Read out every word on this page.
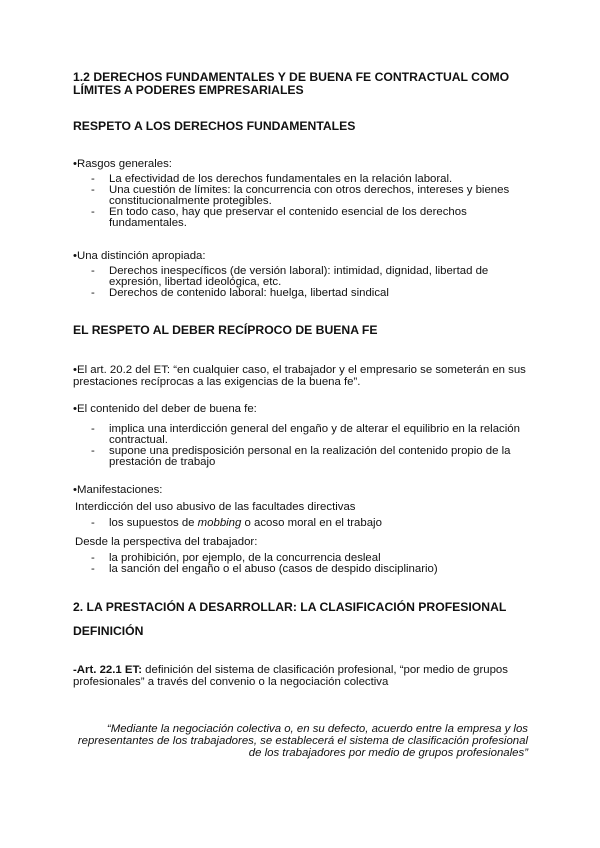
1.2 DERECHOS FUNDAMENTALES Y DE BUENA FE CONTRACTUAL COMO

LÍMITES A PODERES EMPRESARIALES

RESPETO A LOS DERECHOS FUNDAMENTALES

•Rasgos generales:

-	La efectividad de los derechos fundamentales en la relación laboral.
-	Una cuestión de límites: la concurrencia con otros derechos, intereses y bienes constitucionalmente protegibles.
-	En todo caso, hay que preservar el contenido esencial de los derechos fundamentales.

•Una distinción apropiada:

-	Derechos inespecíficos (de versión laboral): intimidad, dignidad, libertad de expresión, libertad ideológica, etc.
-	Derechos de contenido laboral: huelga, libertad sindical

EL RESPETO AL DEBER RECÍPROCO DE BUENA FE

•El art. 20.2 del ET: “en cualquier caso, el trabajador y el empresario se someterán en sus prestaciones recíprocas a las exigencias de la buena fe”.

•El contenido del deber de buena fe:

-	implica una interdicción general del engaño y de alterar el equilibrio en la relación contractual.
-	supone una predisposición personal en la realización del contenido propio de la prestación de trabajo

•Manifestaciones:

Interdicción del uso abusivo de las facultades directivas

-	los supuestos de mobbing o acoso moral en el trabajo

Desde la perspectiva del trabajador:

-	la prohibición, por ejemplo, de la concurrencia desleal
-	la sanción del engaño o el abuso (casos de despido disciplinario)

2. LA PRESTACIÓN A DESARROLLAR: LA CLASIFICACIÓN PROFESIONAL

DEFINICIÓN

-Art. 22.1 ET: definición del sistema de clasificación profesional, “por medio de grupos profesionales” a través del convenio o la negociación colectiva

“Mediante la negociación colectiva o, en su defecto, acuerdo entre la empresa y los representantes de los trabajadores, se establecerá el sistema de clasificación profesional de los trabajadores por medio de grupos profesionales”
